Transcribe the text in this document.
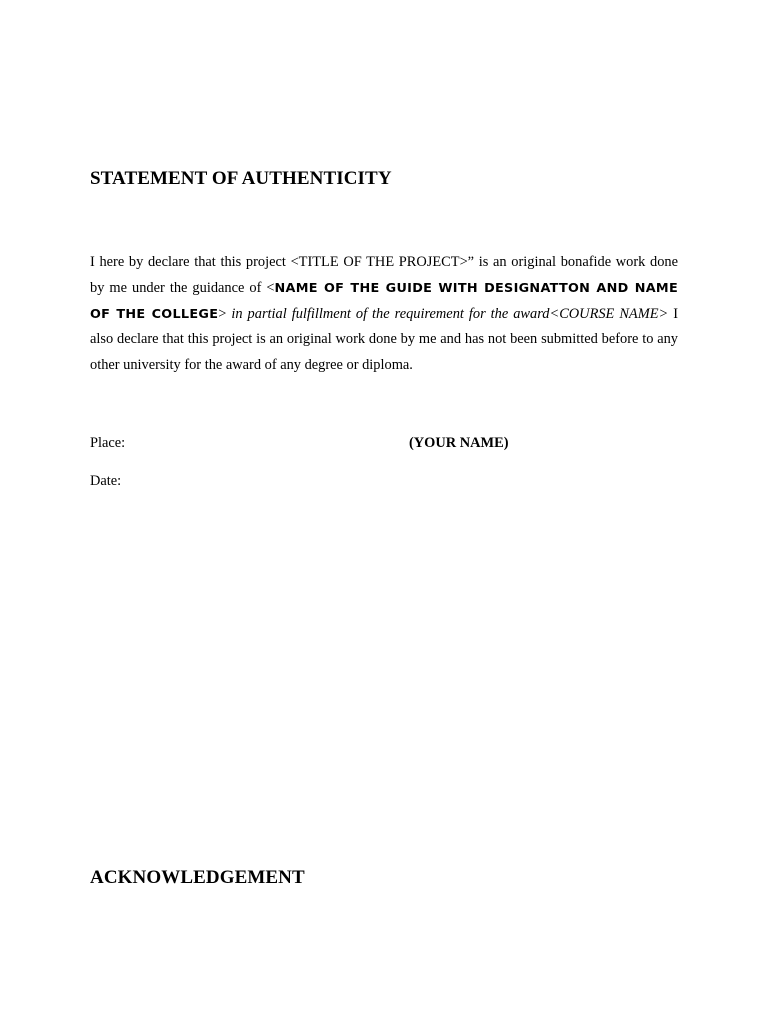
STATEMENT OF AUTHENTICITY

I here by declare that this project <TITLE OF THE PROJECT>” is an original bonafide work done by me under the guidance of <NAME OF THE GUIDE WITH DESIGNATTON AND NAME OF THE COLLEGE> in partial fulfillment of the requirement for the award<COURSE NAME> I also declare that this project is an original work done by me and has not been submitted before to any other university for the award of any degree or diploma.

Place:	(YOUR NAME)

Date:

ACKNOWLEDGEMENT
